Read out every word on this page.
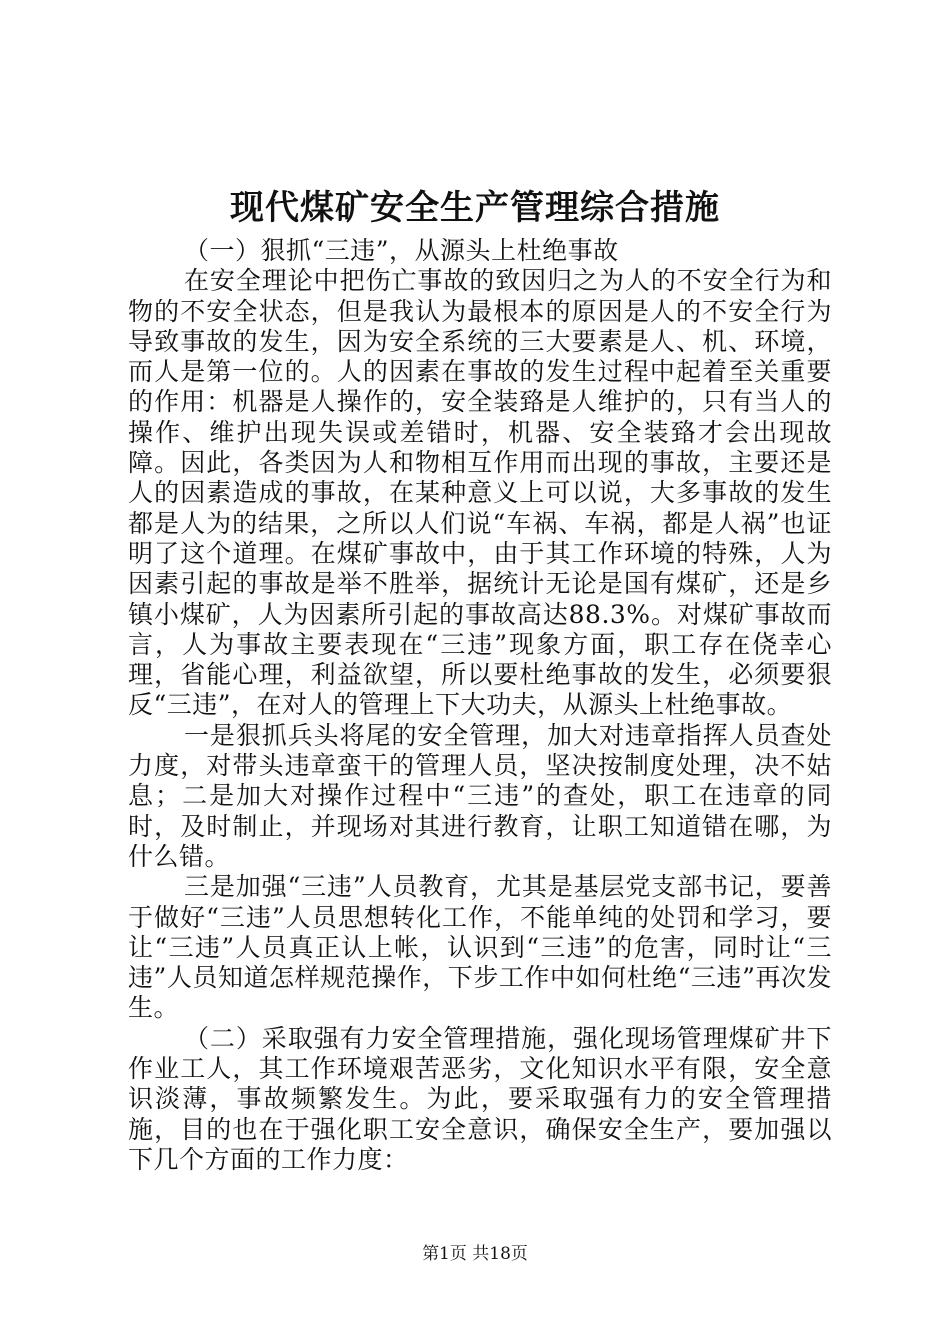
现代煤矿安全生产管理综合措施

（一）狠抓“三违”，从源头上杜绝事故

在安全理论中把伤亡事故的致因归之为人的不安全行为和物的不安全状态，但是我认为最根本的原因是人的不安全行为导致事故的发生，因为安全系统的三大要素是人、机、环境，而人是第一位的。人的因素在事故的发生过程中起着至关重要的作用：机器是人操作的，安全装臵是人维护的，只有当人的操作、维护出现失误或差错时，机器、安全装臵才会出现故障。因此，各类因为人和物相互作用而出现的事故，主要还是人的因素造成的事故，在某种意义上可以说，大多事故的发生都是人为的结果，之所以人们说“车祸、车祸，都是人祸”也证明了这个道理。在煤矿事故中，由于其工作环境的特殊，人为因素引起的事故是举不胜举，据统计无论是国有煤矿，还是乡镇小煤矿，人为因素所引起的事故高达88.3%。对煤矿事故而言，人为事故主要表现在“三违”现象方面，职工存在侥幸心理，省能心理，利益欲望，所以要杜绝事故的发生，必须要狠反“三违”，在对人的管理上下大功夫，从源头上杜绝事故。

一是狠抓兵头将尾的安全管理，加大对违章指挥人员查处力度，对带头违章蛮干的管理人员，坚决按制度处理，决不姑息；二是加大对操作过程中“三违”的查处，职工在违章的同时，及时制止，并现场对其进行教育，让职工知道错在哪，为什么错。

三是加强“三违”人员教育，尤其是基层党支部书记，要善于做好“三违”人员思想转化工作，不能单纯的处罚和学习，要让“三违”人员真正认上帐，认识到“三违”的危害，同时让“三违”人员知道怎样规范操作，下步工作中如何杜绝“三违”再次发生。

（二）采取强有力安全管理措施，强化现场管理煤矿井下作业工人，其工作环境艰苦恶劣，文化知识水平有限，安全意识淡薄，事故频繁发生。为此，要采取强有力的安全管理措施，目的也在于强化职工安全意识，确保安全生产，要加强以下几个方面的工作力度：

第1页 共18页
